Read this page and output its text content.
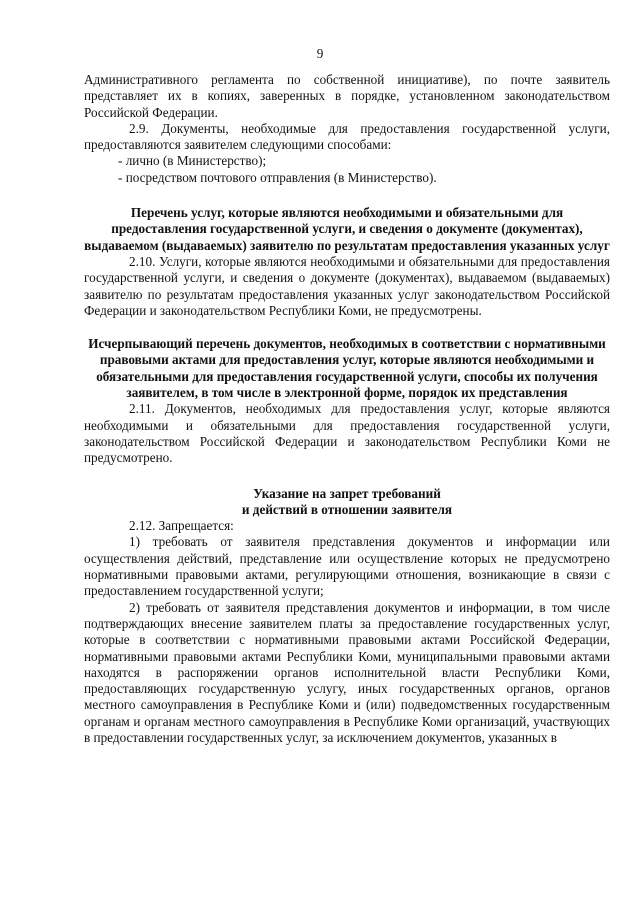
9

Административного регламента по собственной инициативе), по почте заявитель представляет их в копиях, заверенных в порядке, установленном законодательством Российской Федерации.

2.9. Документы, необходимые для предоставления государственной услуги, предоставляются заявителем следующими способами:

- лично (в Министерство);

- посредством почтового отправления (в Министерство).

Перечень услуг, которые являются необходимыми и обязательными для предоставления государственной услуги, и сведения о документе (документах), выдаваемом (выдаваемых) заявителю по результатам предоставления указанных услуг

2.10. Услуги, которые являются необходимыми и обязательными для предоставления государственной услуги, и сведения о документе (документах), выдаваемом (выдаваемых) заявителю по результатам предоставления указанных услуг законодательством Российской Федерации и законодательством Республики Коми, не предусмотрены.

Исчерпывающий перечень документов, необходимых в соответствии с нормативными правовыми актами для предоставления услуг, которые являются необходимыми и обязательными для предоставления государственной услуги, способы их получения заявителем, в том числе в электронной форме, порядок их представления

2.11. Документов, необходимых для предоставления услуг, которые являются необходимыми и обязательными для предоставления государственной услуги, законодательством Российской Федерации и законодательством Республики Коми не предусмотрено.

Указание на запрет требований

и действий в отношении заявителя

2.12. Запрещается:

1) требовать от заявителя представления документов и информации или осуществления действий, представление или осуществление которых не предусмотрено нормативными правовыми актами, регулирующими отношения, возникающие в связи с предоставлением государственной услуги;

2) требовать от заявителя представления документов и информации, в том числе подтверждающих внесение заявителем платы за предоставление государственных услуг, которые в соответствии с нормативными правовыми актами Российской Федерации, нормативными правовыми актами Республики Коми, муниципальными правовыми актами находятся в распоряжении органов исполнительной власти Республики Коми, предоставляющих государственную услугу, иных государственных органов, органов местного самоуправления в Республике Коми и (или) подведомственных государственным органам и органам местного самоуправления в Республике Коми организаций, участвующих в предоставлении государственных услуг, за исключением документов, указанных в
